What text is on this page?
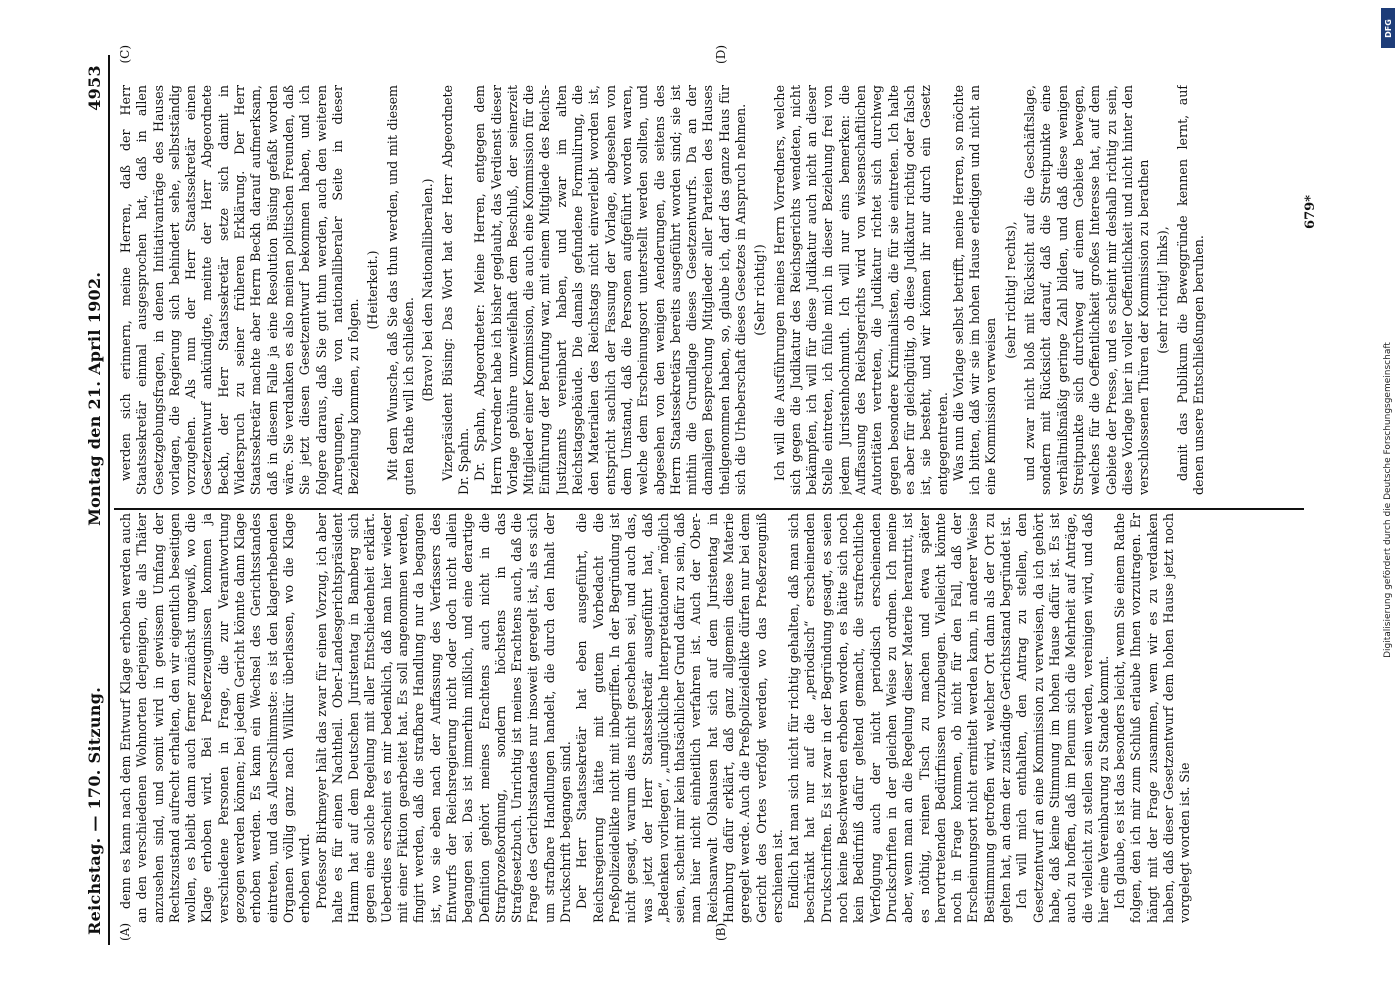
Reichstag. — 170. Sitzung.
Montag den 21. April 1902.
4953
(A)	(B)
(C)	(D)

denn es kann nach dem Entwurf Klage erhoben werden auch an den verschiedenen Wohnorten derjenigen, die als Thäter anzusehen sind, und somit wird in gewissem Umfang der Rechtszustand aufrecht erhalten, den wir eigentlich beseitigen wollen, es bleibt dann auch ferner zunächst ungewiß, wo die Klage erhoben wird. Bei Preßerzeugnissen kommen ja verschiedene Personen in Frage, die zur Verantwortung gezogen werden können; bei jedem Gericht könnte dann Klage erhoben werden. Es kann ein Wechsel des Gerichtsstandes eintreten, und das Allerschlimmste: es ist den klagerhebenden Organen völlig ganz nach Willkür überlassen, wo die Klage erhoben wird. Professor Birkmeyer hält das zwar für einen Vorzug, ich aber halte es für einen Nachtheil. Ober-Landesgerichtspräsident Hamm hat auf dem Deutschen Juristentag in Bamberg sich gegen eine solche Regelung mit aller Entschiedenheit erklärt. Ueberdies erscheint es mir bedenklich, daß man hier wieder mit einer Fiktion gearbeitet hat. Es soll angenommen werden, fingirt werden, daß die strafbare Handlung nur da begangen ist, wo sie eben nach der Auffassung des Verfassers des Entwurfs der Reichsregierung nicht oder doch nicht allein begangen sei. Das ist immerhin mißlich, und eine derartige Definition gehört meines Erachtens auch nicht in die Strafprozeßordnung, sondern höchstens in das Strafgesetzbuch. Unrichtig ist meines Erachtens auch, daß die Frage des Gerichtsstandes nur insoweit geregelt ist, als es sich um strafbare Handlungen handelt, die durch den Inhalt der Druckschrift begangen sind. Der Herr Staatssekretär hat eben ausgeführt, die Reichsregierung hätte mit gutem Vorbedacht die Preßpolizeidelikte nicht mit inbegriffen. In der Begründung ist nicht gesagt, warum dies nicht geschehen sei, und auch das, was jetzt der Herr Staatssekretär ausgeführt hat, daß „Bedenken vorliegen“, „unglückliche Interpretationen“ möglich seien, scheint mir kein thatsächlicher Grund dafür zu sein, daß man hier nicht einheitlich verfahren ist. Auch der Ober-Reichsanwalt Olshausen hat sich auf dem Juristentag in Hamburg dafür erklärt, daß ganz allgemein diese Materie geregelt werde. Auch die Preßpolizeidelikte dürfen nur bei dem Gericht des Ortes verfolgt werden, wo das Preßerzeugniß erschienen ist. Endlich hat man sich nicht für richtig gehalten, daß man sich beschränkt hat nur auf die „periodisch“ erscheinenden Druckschriften. Es ist zwar in der Begründung gesagt, es seien noch keine Beschwerden erhoben worden, es hätte sich noch kein Bedürfniß dafür geltend gemacht, die strafrechtliche Verfolgung auch der nicht periodisch erscheinenden Druckschriften in der gleichen Weise zu ordnen. Ich meine aber, wenn man an die Regelung dieser Materie herantritt, ist es nöthig, reinen Tisch zu machen und etwa später hervortretenden Bedürfnissen vorzubeugen. Vielleicht könnte noch in Frage kommen, ob nicht für den Fall, daß der Erscheinungsort nicht ermittelt werden kann, in anderer Weise Bestimmung getroffen wird, welcher Ort dann als der Ort zu gelten hat, an dem der zuständige Gerichtsstand begründet ist. Ich will mich enthalten, den Antrag zu stellen, den Gesetzentwurf an eine Kommission zu verweisen, da ich gehört habe, daß keine Stimmung im hohen Hause dafür ist. Es ist auch zu hoffen, daß im Plenum sich die Mehrheit auf Anträge, die vielleicht zu stellen sein werden, vereinigen wird, und daß hier eine Vereinbarung zu Stande kommt. Ich glaube, es ist das besonders leicht, wenn Sie einem Rathe folgen, den ich mir zum Schluß erlaube Ihnen vorzutragen. Er hängt mit der Frage zusammen, wem wir es zu verdanken haben, daß dieser Gesetzentwurf dem hohen Hause jetzt noch vorgelegt worden ist. Sie

werden sich erinnern, meine Herren, daß der Herr Staatssekretär einmal ausgesprochen hat, daß in allen Gesetzgebungsfragen, in denen Initiativanträge des Hauses vorlagen, die Regierung sich behindert sehe, selbstständig vorzugehen. Als nun der Herr Staatssekretär einen Gesetzentwurf ankündigte, meinte der Herr Abgeordnete Beckh, der Herr Staatssekretär setze sich damit in Widerspruch zu seiner früheren Erklärung. Der Herr Staatssekretär machte aber Herrn Beckh darauf aufmerksam, daß in diesem Falle ja eine Resolution Büsing gefaßt worden wäre. Sie verdanken es also meinen politischen Freunden, daß Sie jetzt diesen Gesetzentwurf bekommen haben, und ich folgere daraus, daß Sie gut thun werden, auch den weiteren Anregungen, die von nationalliberaler Seite in dieser Beziehung kommen, zu folgen.

(Heiterkeit.) Mit dem Wunsche, daß Sie das thun werden, und mit diesem guten Rathe will ich schließen. (Bravo! bei den Nationalliberalen.) Vizepräsident Büsing: Das Wort hat der Herr Abgeordnete Dr. Spahn. Dr. Spahn, Abgeordneter: Meine Herren, entgegen dem Herrn Vorredner habe ich bisher geglaubt, das Verdienst dieser Vorlage gebühre unzweifelhaft dem Beschluß, der seinerzeit Mitglieder einer Kommission, die auch eine Kommission für die Einführung der Berufung war, mit einem Mitgliede des Reichs-Justizamts vereinbart haben, und zwar im alten Reichstagsgebäude. Die damals gefundene Formulirung, die den Materialien des Reichstags nicht einverleibt worden ist, entspricht sachlich der Fassung der Vorlage, abgesehen von dem Umstand, daß die Personen aufgeführt worden waren, welche dem Erscheinungsort unterstellt werden sollten, und abgesehen von den wenigen Aenderungen, die seitens des Herrn Staatssekretärs bereits ausgeführt worden sind; sie ist mithin die Grundlage dieses Gesetzentwurfs. Da an der damaligen Besprechung Mitglieder aller Parteien des Hauses theilgenommen haben, so, glaube ich, darf das ganze Haus für sich die Urheberschaft dieses Gesetzes in Anspruch nehmen. (Sehr richtig!) Ich will die Ausführungen meines Herrn Vorredners, welche sich gegen die Judikatur des Reichsgerichts wendeten, nicht bekämpfen, ich will für diese Judikatur auch nicht an dieser Stelle eintreten, ich fühle mich in dieser Beziehung frei von jedem Juristenhochmuth. Ich will nur eins bemerken: die Auffassung des Reichsgerichts wird von wissenschaftlichen Autoritäten vertreten, die Judikatur richtet sich durchweg gegen besondere Kriminalisten, die für sie eintreten. Ich halte es aber für gleichgültig, ob diese Judikatur richtig oder falsch ist, sie besteht, und wir können ihr nur durch ein Gesetz entgegentreten. Was nun die Vorlage selbst betrifft, meine Herren, so möchte ich bitten, daß wir sie im hohen Hause erledigen und nicht an eine Kommission verweisen

(sehr richtig! rechts), und zwar nicht bloß mit Rücksicht auf die Geschäftslage, sondern mit Rücksicht darauf, daß die Streitpunkte eine verhältnißmäßig geringe Zahl bilden, und daß diese wenigen Streitpunkte sich durchweg auf einem Gebiete bewegen, welches für die Oeffentlichkeit großes Interesse hat, auf dem Gebiete der Presse, und es scheint mir deshalb richtig zu sein, diese Vorlage hier in voller Oeffentlichkeit und nicht hinter den verschlossenen Thüren der Kommission zu berathen (sehr richtig! links), damit das Publikum die Beweggründe kennen lernt, auf denen unsere Entschließungen beruhen.

679*
DFG
Digitalisierung gefördert durch die Deutsche Forschungsgemeinschaft
